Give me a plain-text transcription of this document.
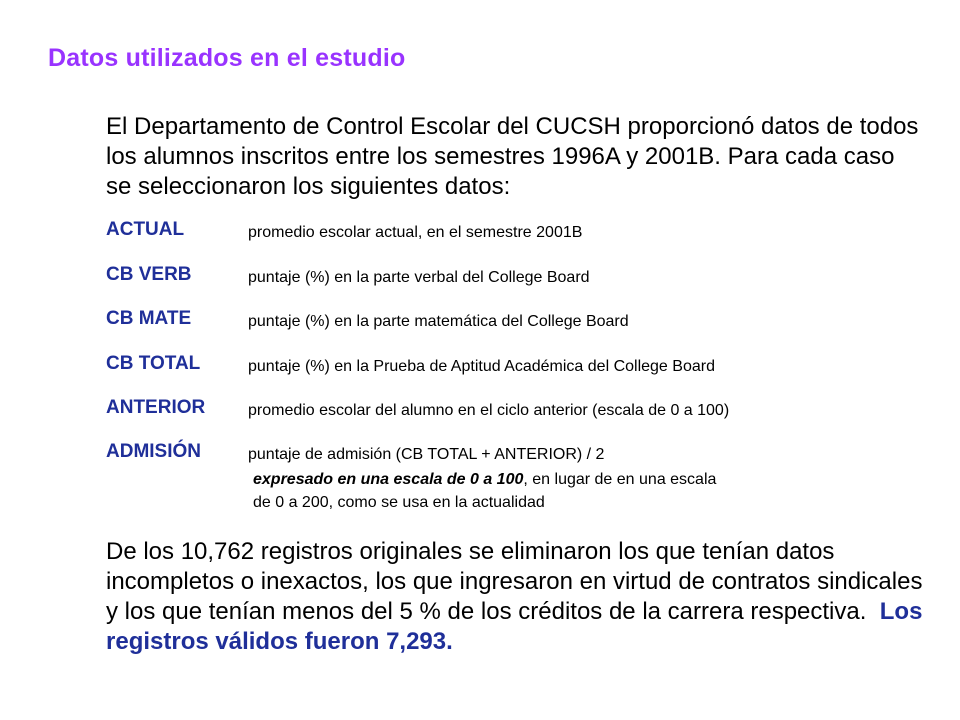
Datos utilizados en el estudio
El Departamento de Control Escolar del CUCSH proporcionó datos de todos los alumnos inscritos entre los semestres 1996A y 2001B. Para cada caso se seleccionaron los siguientes datos:
ACTUAL	promedio escolar actual, en el semestre 2001B
CB VERB	puntaje (%) en la parte verbal del College Board
CB MATE	puntaje (%) en la parte matemática del College Board
CB TOTAL	puntaje (%) en la Prueba de Aptitud Académica del College Board
ANTERIOR	promedio escolar del alumno en el ciclo anterior (escala de 0 a 100)
ADMISIÓN	puntaje de admisión (CB TOTAL + ANTERIOR) / 2
expresado en una escala de 0 a 100, en lugar de en una escala
de 0 a 200, como se usa en la actualidad
De los 10,762 registros originales se eliminaron los que tenían datos incompletos o inexactos, los que ingresaron en virtud de contratos sindicales y los que tenían menos del 5 % de los créditos de la carrera respectiva. Los registros válidos fueron 7,293.
